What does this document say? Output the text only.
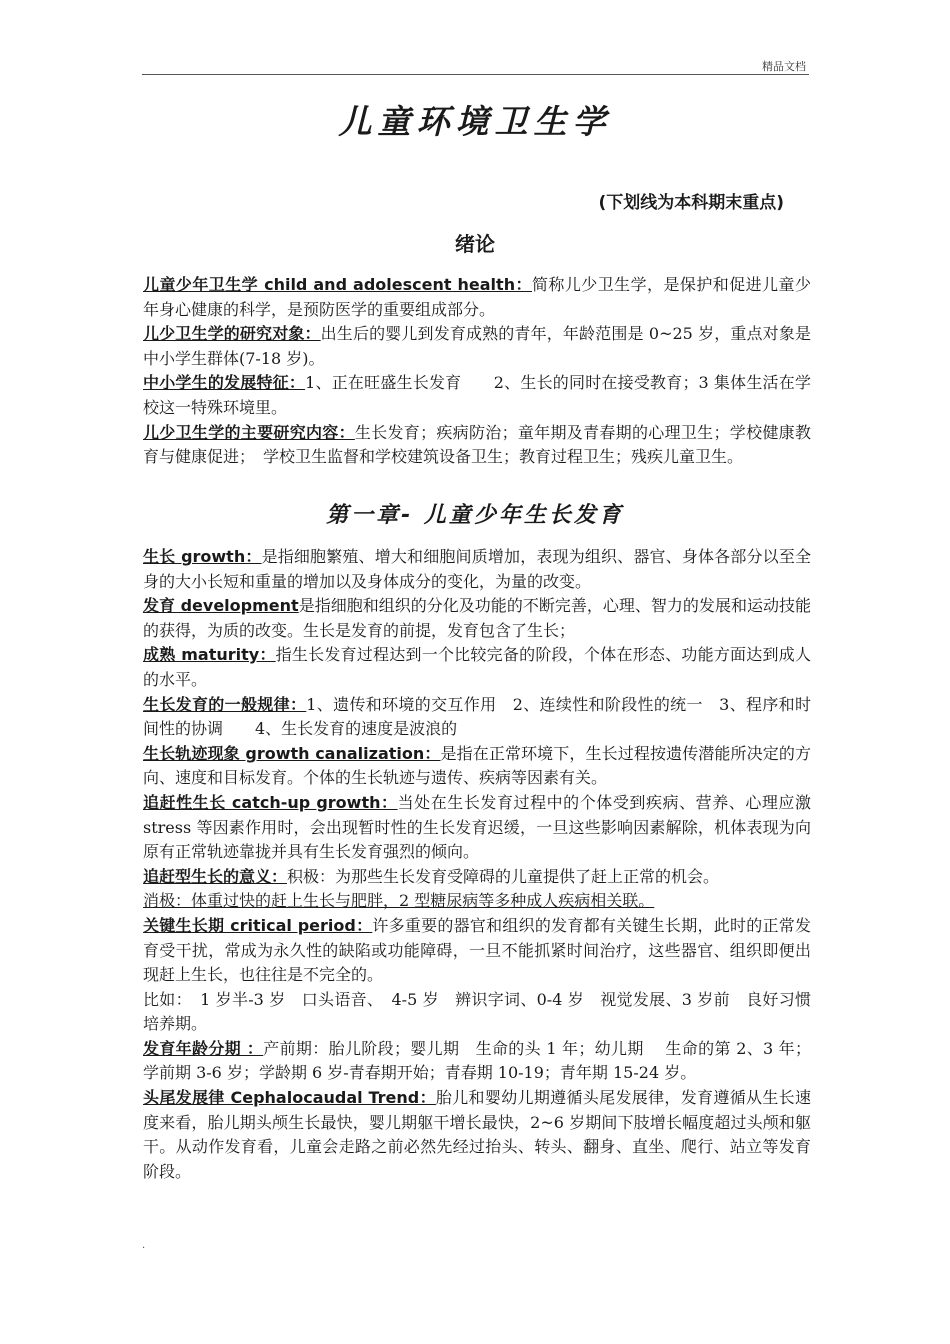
精品文档
儿童环境卫生学
(下划线为本科期末重点)
绪论

儿童少年卫生学 child and adolescent health：简称儿少卫生学，是保护和促进儿童少年身心健康的科学，是预防医学的重要组成部分。

儿少卫生学的研究对象：出生后的婴儿到发育成熟的青年，年龄范围是 0~25 岁，重点对象是中小学生群体(7-18 岁)。

中小学生的发展特征：1、正在旺盛生长发育　　2、生长的同时在接受教育；3 集体生活在学校这一特殊环境里。

儿少卫生学的主要研究内容：生长发育；疾病防治；童年期及青春期的心理卫生；学校健康教育与健康促进；　学校卫生监督和学校建筑设备卫生；教育过程卫生；残疾儿童卫生。

第一章- 儿童少年生长发育

生长 growth：是指细胞繁殖、增大和细胞间质增加，表现为组织、器官、身体各部分以至全身的大小长短和重量的增加以及身体成分的变化，为量的改变。

发育 development是指细胞和组织的分化及功能的不断完善，心理、智力的发展和运动技能的获得，为质的改变。生长是发育的前提，发育包含了生长；

成熟 maturity：指生长发育过程达到一个比较完备的阶段，个体在形态、功能方面达到成人的水平。

生长发育的一般规律：1、遗传和环境的交互作用　2、连续性和阶段性的统一　3、程序和时间性的协调　　4、生长发育的速度是波浪的

生长轨迹现象 growth canalization：是指在正常环境下，生长过程按遗传潜能所决定的方向、速度和目标发育。个体的生长轨迹与遗传、疾病等因素有关。

追赶性生长 catch-up growth：当处在生长发育过程中的个体受到疾病、营养、心理应激 stress 等因素作用时，会出现暂时性的生长发育迟缓，一旦这些影响因素解除，机体表现为向原有正常轨迹靠拢并具有生长发育强烈的倾向。

追赶型生长的意义：积极：为那些生长发育受障碍的儿童提供了赶上正常的机会。

消极：体重过快的赶上生长与肥胖，2 型糖尿病等多种成人疾病相关联。

关键生长期 critical period：许多重要的器官和组织的发育都有关键生长期，此时的正常发育受干扰，常成为永久性的缺陷或功能障碍，一旦不能抓紧时间治疗，这些器官、组织即便出现赶上生长，也往往是不完全的。

比如：　1 岁半-3 岁　口头语音、　4-5 岁　辨识字词、0-4 岁　视觉发展、3 岁前　良好习惯培养期。

发育年龄分期 ：产前期：胎儿阶段；婴儿期　生命的头 1 年；幼儿期　 生命的第 2、3 年；学前期 3-6 岁；学龄期 6 岁-青春期开始；青春期 10-19；青年期 15-24 岁。

头尾发展律 Cephalocaudal Trend：胎儿和婴幼儿期遵循头尾发展律，发育遵循从生长速度来看，胎儿期头颅生长最快，婴儿期躯干增长最快，2~6 岁期间下肢增长幅度超过头颅和躯干。从动作发育看，儿童会走路之前必然先经过抬头、转头、翻身、直坐、爬行、站立等发育阶段。

.
